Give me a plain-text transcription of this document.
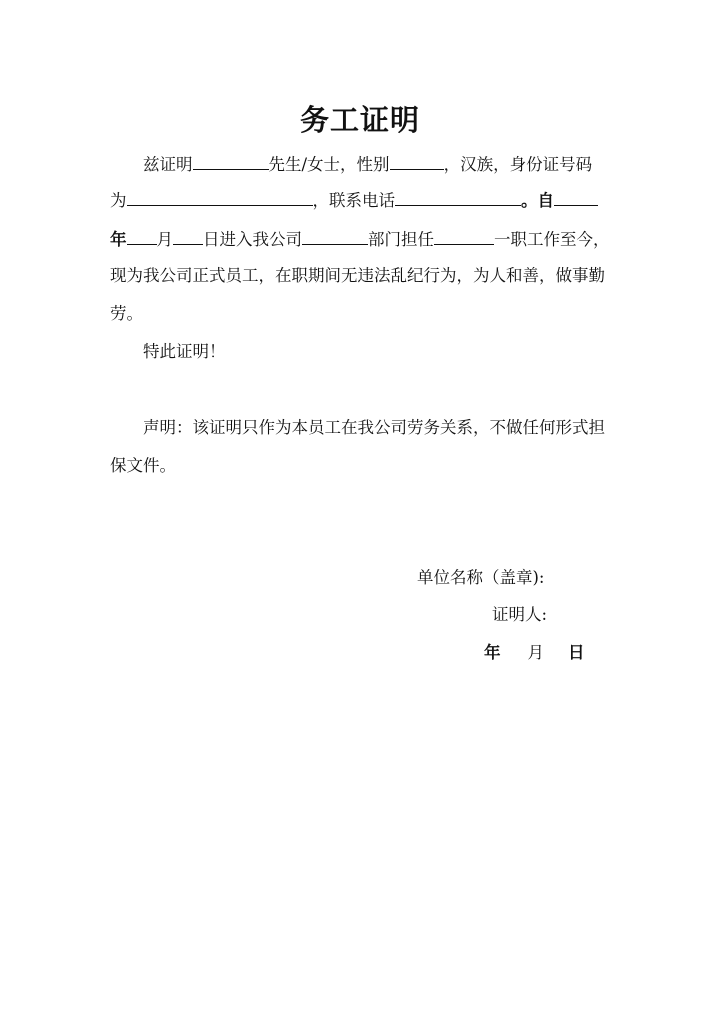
务工证明
兹证明	先生/女士，性别	，汉族，身份证号码
为	，联系电话	。自
年 月 日进入我公司	部门担任	一职工作至今，
现为我公司正式员工，在职期间无违法乱纪行为，为人和善，做事勤
劳。
特此证明！
声明：该证明只作为本员工在我公司劳务关系，不做任何形式担
保文件。
单位名称（盖章):
证明人:
年 月 日
